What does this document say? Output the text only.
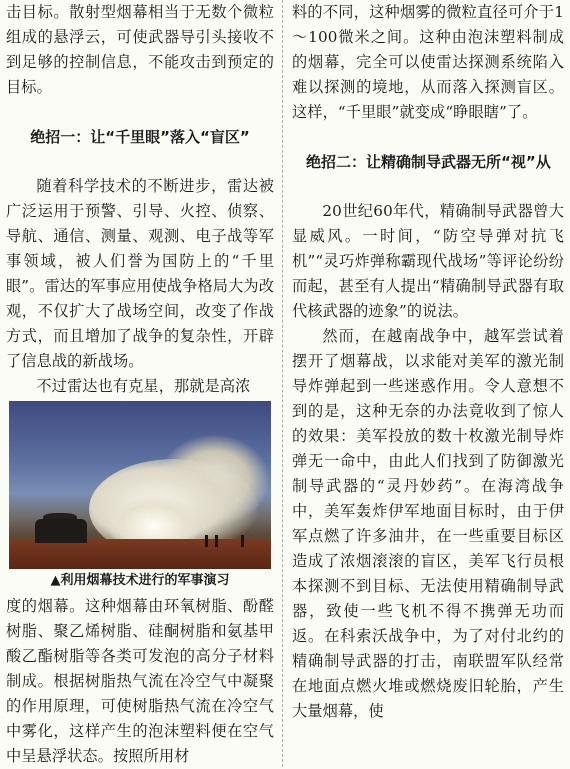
击目标。散射型烟幕相当于无数个微粒组成的悬浮云，可使武器导引头接收不到足够的控制信息，不能攻击到预定的目标。

绝招一：让“千里眼”落入“盲区”

随着科学技术的不断进步，雷达被广泛运用于预警、引导、火控、侦察、导航、通信、测量、观测、电子战等军事领域，被人们誉为国防上的“千里眼”。雷达的军事应用使战争格局大为改观，不仅扩大了战场空间，改变了作战方式，而且增加了战争的复杂性，开辟了信息战的新战场。

不过雷达也有克星，那就是高浓

▲利用烟幕技术进行的军事演习

度的烟幕。这种烟幕由环氧树脂、酚醛树脂、聚乙烯树脂、硅酮树脂和氨基甲酸乙酯树脂等各类可发泡的高分子材料制成。根据树脂热气流在冷空气中凝聚的作用原理，可使树脂热气流在冷空气中雾化，这样产生的泡沫塑料便在空气中呈悬浮状态。按照所用材

料的不同，这种烟雾的微粒直径可介于1～100微米之间。这种由泡沫塑料制成的烟幕，完全可以使雷达探测系统陷入难以探测的境地，从而落入探测盲区。这样，“千里眼”就变成“睁眼瞎”了。

绝招二：让精确制导武器无所“视”从

20世纪60年代，精确制导武器曾大显威风。一时间，“防空导弹对抗飞机”“灵巧炸弹称霸现代战场”等评论纷纷而起，甚至有人提出“精确制导武器有取代核武器的迹象”的说法。

然而，在越南战争中，越军尝试着摆开了烟幕战，以求能对美军的激光制导炸弹起到一些迷惑作用。令人意想不到的是，这种无奈的办法竟收到了惊人的效果：美军投放的数十枚激光制导炸弹无一命中，由此人们找到了防御激光制导武器的“灵丹妙药”。在海湾战争中，美军轰炸伊军地面目标时，由于伊军点燃了许多油井，在一些重要目标区造成了浓烟滚滚的盲区，美军飞行员根本探测不到目标、无法使用精确制导武器，致使一些飞机不得不携弹无功而返。在科索沃战争中，为了对付北约的精确制导武器的打击，南联盟军队经常在地面点燃火堆或燃烧废旧轮胎，产生大量烟幕，使
